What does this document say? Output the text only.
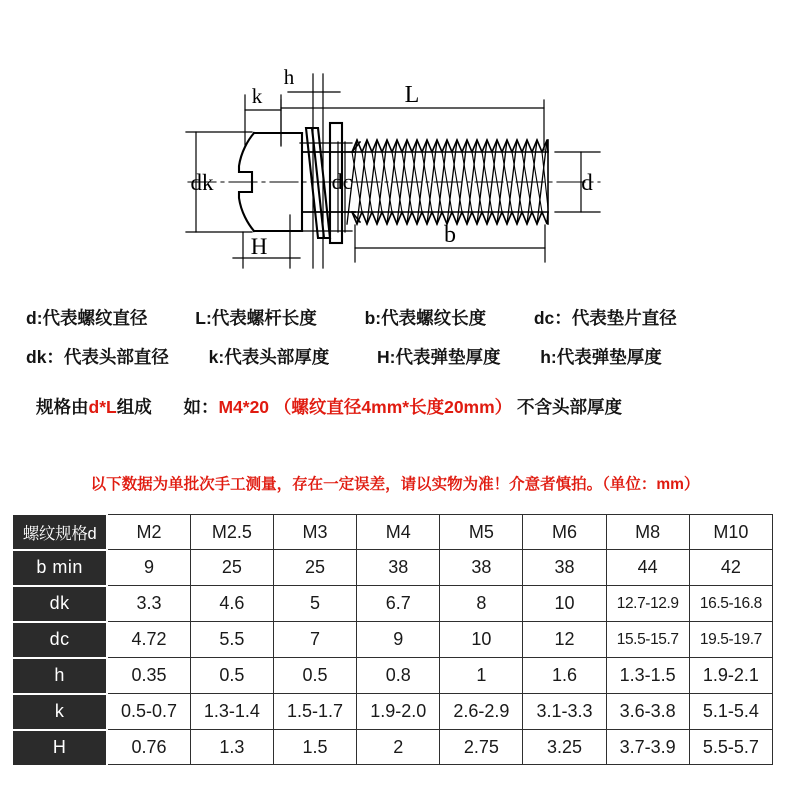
k
h
L
dk	dc	d
b
H
d:代表螺纹直径	L:代表螺杆长度	b:代表螺纹长度	dc：代表垫片直径
dk：代表头部直径 k:代表头部厚度	H:代表弹垫厚度 h:代表弹垫厚度
规格由d*L组成 如：M4*20 （螺纹直径4mm*长度20mm） 不含头部厚度
以下数据为单批次手工测量，存在一定误差，请以实物为准！介意者慎拍。（单位：mm）
螺纹规格d	M2	M2.5	M3	M4	M5	M6	M8	M10
b min	9	25	25	38	38	38	44	42
dk	3.3	4.6	5	6.7	8	10	12.7-12.9	16.5-16.8
dc	4.72	5.5	7	9	10	12	15.5-15.7	19.5-19.7
h	0.35	0.5	0.5	0.8	1	1.6	1.3-1.5	1.9-2.1
k	0.5-0.7	1.3-1.4	1.5-1.7	1.9-2.0	2.6-2.9	3.1-3.3	3.6-3.8	5.1-5.4
H	0.76	1.3	1.5	2	2.75	3.25	3.7-3.9	5.5-5.7
